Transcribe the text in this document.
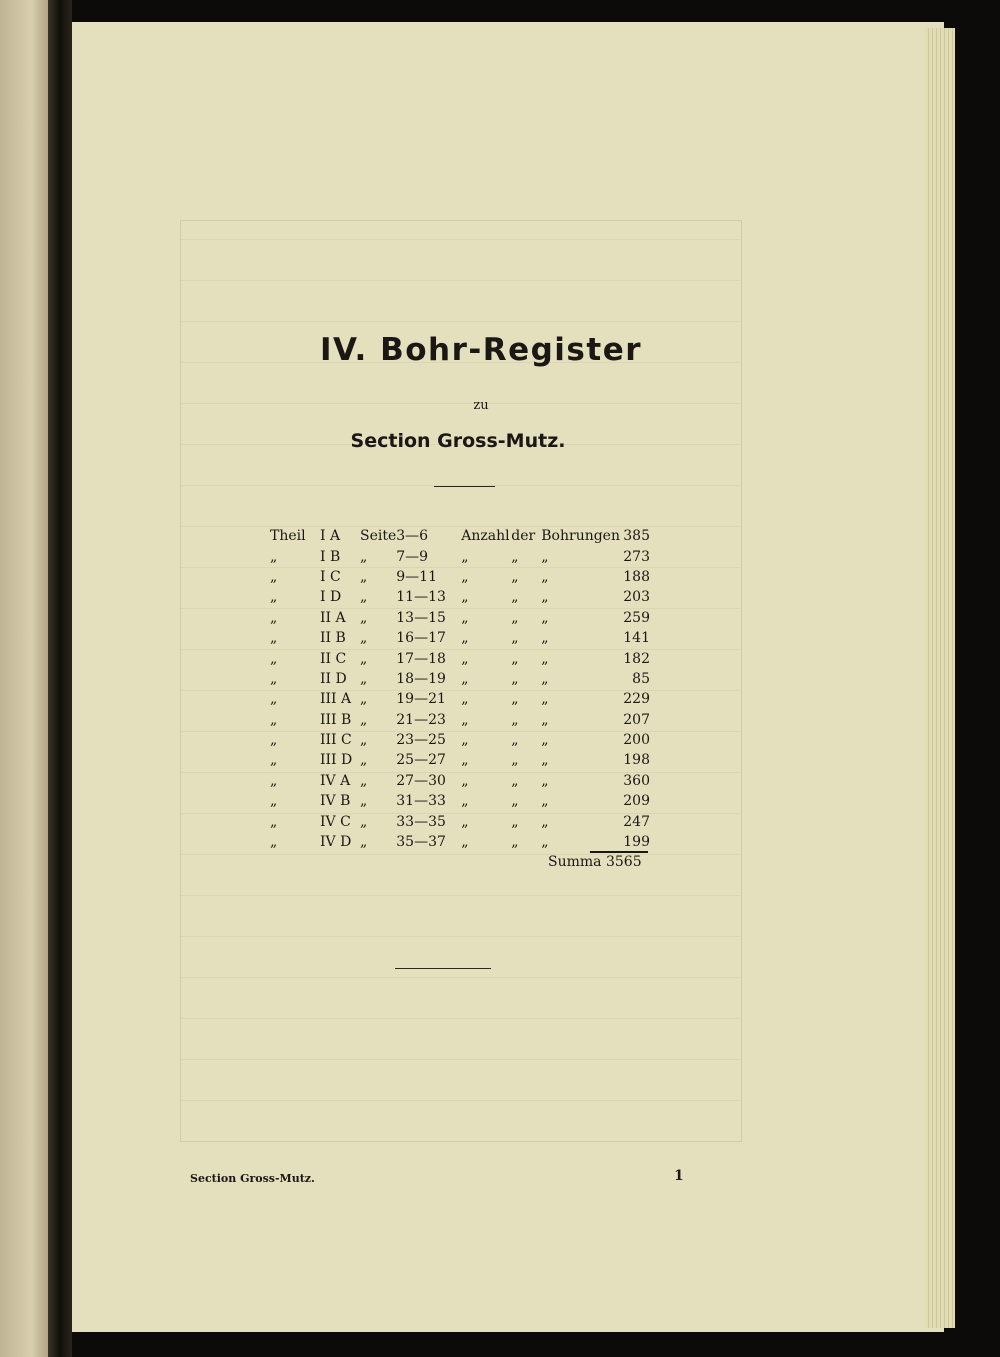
IV. Bohr-Register
zu
Section Gross-Mutz.
Theil	I A	Seite	3—6	Anzahl	der	Bohrungen	385
„	I B	„	7—9	„	„	„	273
„	I C	„	9—11	„	„	„	188
„	I D	„	11—13	„	„	„	203
„	II A	„	13—15	„	„	„	259
„	II B	„	16—17	„	„	„	141
„	II C	„	17—18	„	„	„	182
„	II D	„	18—19	„	„	„	85
„	III A	„	19—21	„	„	„	229
„	III B	„	21—23	„	„	„	207
„	III C	„	23—25	„	„	„	200
„	III D	„	25—27	„	„	„	198
„	IV A	„	27—30	„	„	„	360
„	IV B	„	31—33	„	„	„	209
„	IV C	„	33—35	„	„	„	247
„	IV D	„	35—37	„	„	„	199
Summa 3565
Section Gross-Mutz.	1
